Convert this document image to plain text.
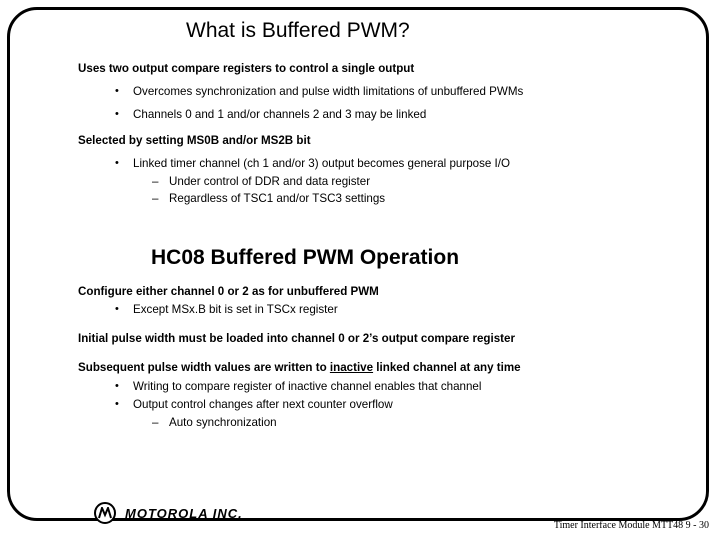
What is Buffered PWM?
Uses two output compare registers to control a single output
• Overcomes synchronization and pulse width limitations of unbuffered PWMs
• Channels 0 and 1 and/or channels 2 and 3 may be linked
Selected by setting MS0B and/or MS2B bit
• Linked timer channel (ch 1 and/or 3) output becomes general purpose I/O
– Under control of DDR and data register
– Regardless of TSC1 and/or TSC3 settings
HC08 Buffered PWM Operation
Configure either channel 0 or 2 as for unbuffered PWM
• Except MSx.B bit is set in TSCx register
Initial pulse width must be loaded into channel 0 or 2’s output compare register
Subsequent pulse width values are written to inactive linked channel at any time
• Writing to compare register of inactive channel enables that channel
• Output control changes after next counter overflow
– Auto synchronization
MOTOROLA INC.
Timer Interface Module MTT48 9 - 30
